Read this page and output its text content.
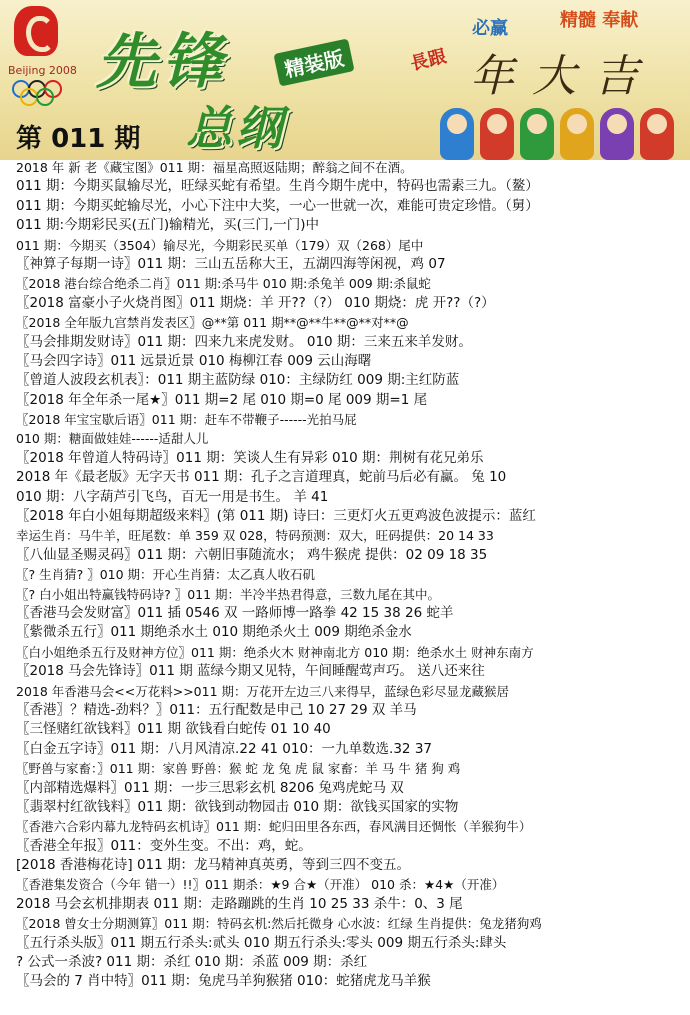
Beijing 2008 先锋	精装版
总纲
第 011 期
必赢	精髓 奉献
長跟 年 大 吉
2018 年 新 老《藏宝图》011 期：福星高照返陆期；醉翁之间不在酒。
011 期：今期买鼠输尽光，旺绿买蛇有希望。生肖今期牛虎中，特码也需素三九。（鳌）
011 期：今期买蛇输尽光，小心下注中大奖，一心一世就一次，难能可贵定珍惜。（舅）
011 期:今期彩民买(五门)输精光，买(三门,一门)中
011 期：今期买（3504）输尽光，今期彩民买单（179）双（268）尾中
〖神算子每期一诗〗011 期：三山五岳称大王，五湖四海等闲视，鸡 07
〖2018 港台综合绝杀二肖〗011 期:杀马牛 010 期:杀兔羊 009 期:杀鼠蛇
〖2018 富豪小子火烧肖图〗011 期烧：羊 开??（?） 010 期烧：虎 开??（?）
〖2018 全年版九宫禁肖发表区〗@**第 011 期**@**牛**@**对**@
〖马会排期发财诗〗011 期：四来九来虎发财。 010 期：三来五来羊发财。
〖马会四字诗〗011 远景近景 010 梅柳江春 009 云山海曙
〖曾道人波段玄机表〗：011 期主蓝防绿 010：主绿防红 009 期:主红防蓝
〖2018 年全年杀一尾★〗011 期=2 尾 010 期=0 尾 009 期=1 尾
〖2018 年宝宝歇后语〗011 期：赶车不带鞭子------光拍马屁
010 期：糖面做娃娃------适甜人儿
〖2018 年曾道人特码诗〗011 期：笑谈人生有异彩 010 期：荆树有花兄弟乐
2018 年《最老版》无字天书 011 期：孔子之言道理真，蛇前马后必有赢。 兔 10
010 期：八字葫芦引飞鸟，百无一用是书生。 羊 41
〖2018 年白小姐每期超级来料〗(第 011 期) 诗曰：三更灯火五更鸡波色波提示：蓝红
幸运生肖：马牛羊，旺尾数：单 359 双 028，特码预测：双大，旺码提供：20 14 33
〖八仙显圣赐灵码〗011 期：六朝旧事随流水； 鸡牛猴虎 提供：02 09 18 35
〖? 生肖猜? 〗010 期：开心生肖猜：太乙真人收石矶
〖? 白小姐出特赢钱特码诗? 〗011 期：半冷半热君得意，三数九尾在其中。
〖香港马会发财富〗011 插 0546 双 一路师博一路拳 42 15 38 26 蛇羊
〖紫微杀五行〗011 期绝杀水土 010 期绝杀火土 009 期绝杀金水
〖白小姐绝杀五行及财神方位〗011 期：绝杀火木 财神南北方 010 期：绝杀水土 财神东南方
〖2018 马会先锋诗〗011 期 蓝绿今期又见特，午间睡醒莺声巧。 送八还来往
2018 年香港马会<<万花料>>011 期：万花开左边三八来得早，蓝绿色彩尽显龙藏猴居
〖香港〗？精选-劲料？〗011：五行配数是申己 10 27 29 双 羊马
〖三怪赌红欲钱料〗011 期 欲钱看白蛇传 01 10 40
〖白金五字诗〗011 期：八月风清凉.22 41 010：一九单数选.32 37
〖野兽与家畜：〗011 期：家兽 野兽：猴 蛇 龙 兔 虎 鼠 家畜：羊 马 牛 猪 狗 鸡
〖内部精选爆料〗011 期：一步三思彩玄机 8206 兔鸡虎蛇马 双
〖翡翠村红欲钱料〗011 期：欲钱到动物园击 010 期：欲钱买国家的实物
〖香港六合彩内幕九龙特码玄机诗〗011 期：蛇归田里各东西，春风满目还惆怅（羊猴狗牛）
〖香港全年报〗011：变外生变。不出：鸡，蛇。
[2018 香港梅花诗] 011 期：龙马精神真英勇，等到三四不变五。
〖香港集发资合（今年 错一）!!〗011 期杀：★9 合★（开准） 010 杀：★4★（开准）
2018 马会玄机排期表 011 期：走路蹦跳的生肖 10 25 33 杀牛：0、3 尾
〖2018 曾女士分期测算〗011 期：特码玄机:然后托微身 心水波：红绿 生肖提供：兔龙猪狗鸡
〖五行杀头版〗011 期五行杀头:贰头 010 期五行杀头:零头 009 期五行杀头:肆头
? 公式一杀波? 011 期：杀红 010 期：杀蓝 009 期：杀红
〖马会的 7 肖中特〗011 期：兔虎马羊狗猴猪 010：蛇猪虎龙马羊猴
